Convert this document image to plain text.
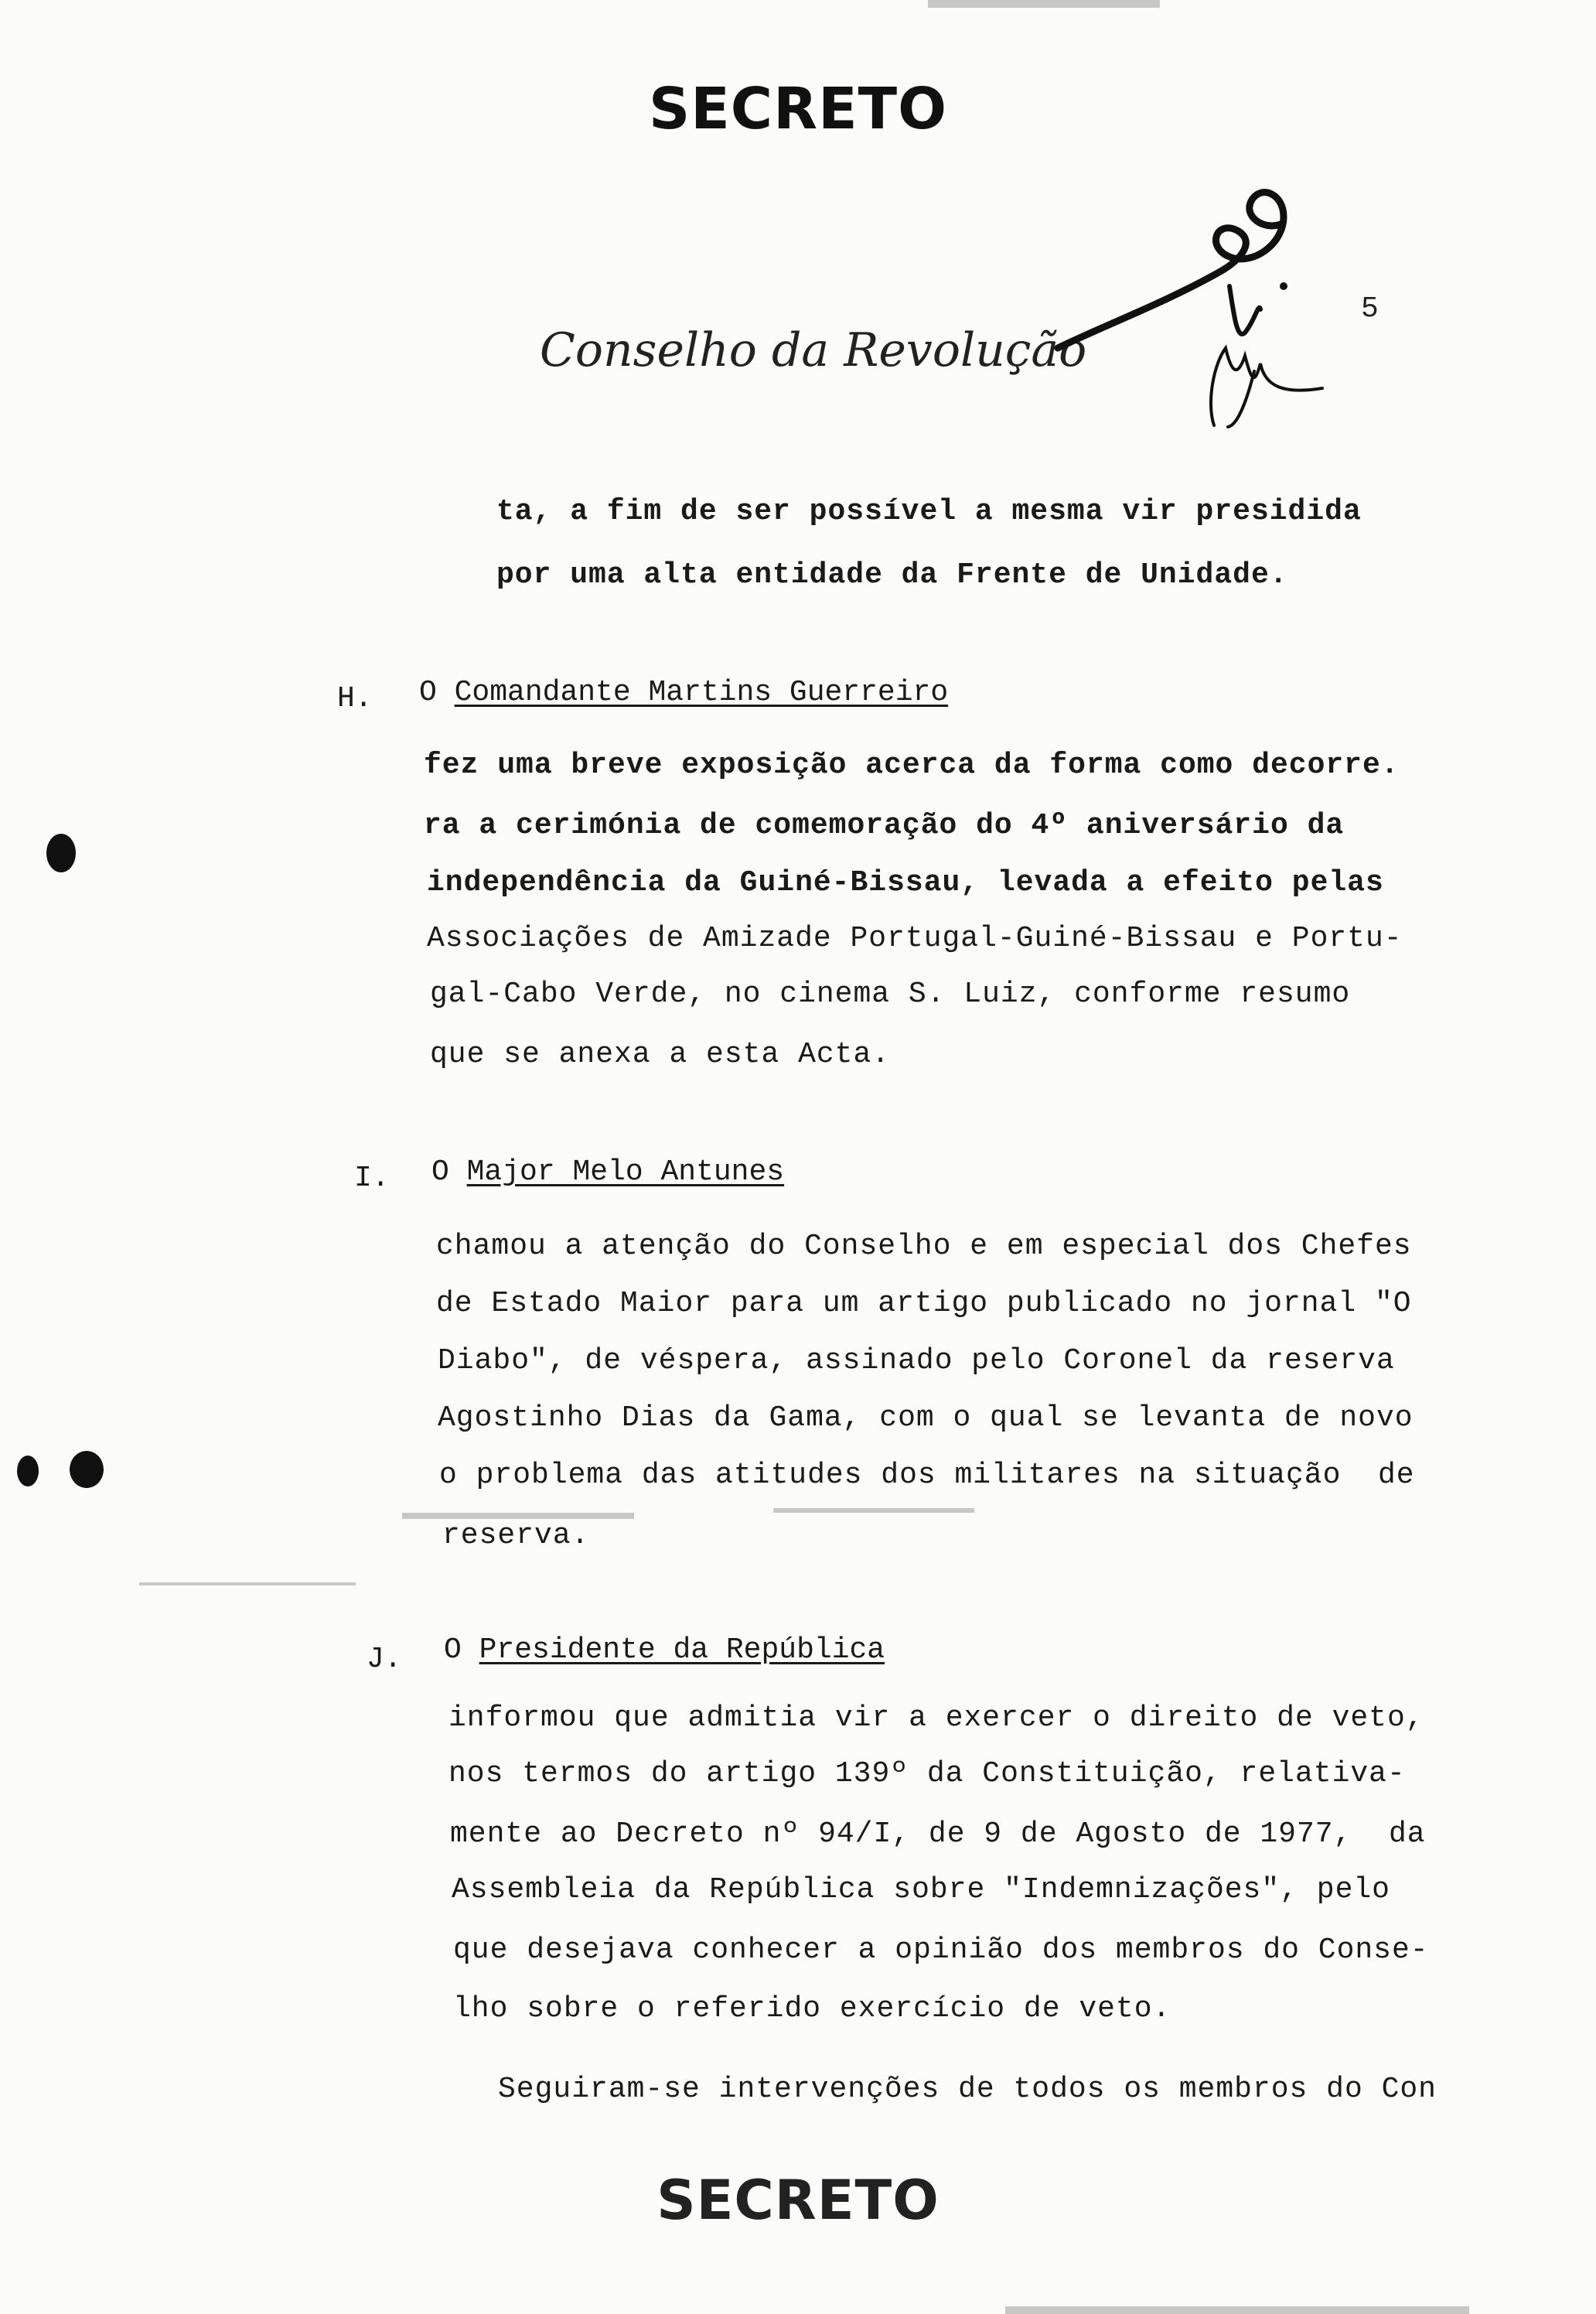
SECRETO
Conselho da Revolução
5
ta, a fim de ser possível a mesma vir presidida
por uma alta entidade da Frente de Unidade.
H. O Comandante Martins Guerreiro
fez uma breve exposição acerca da forma como decorre.
ra a cerimónia de comemoração do 4º aniversário da
independência da Guiné-Bissau, levada a efeito pelas
Associações de Amizade Portugal-Guiné-Bissau e Portu-
gal-Cabo Verde, no cinema S. Luiz, conforme resumo
que se anexa a esta Acta.
I. O Major Melo Antunes
chamou a atenção do Conselho e em especial dos Chefes
de Estado Maior para um artigo publicado no jornal "O
Diabo", de véspera, assinado pelo Coronel da reserva
Agostinho Dias da Gama, com o qual se levanta de novo
o problema das atitudes dos militares na situação  de
reserva.
J. O Presidente da República
informou que admitia vir a exercer o direito de veto,
nos termos do artigo 139º da Constituição, relativa-
mente ao Decreto nº 94/I, de 9 de Agosto de 1977,  da
Assembleia da República sobre "Indemnizações", pelo
que desejava conhecer a opinião dos membros do Conse-
lho sobre o referido exercício de veto.
Seguiram-se intervenções de todos os membros do Con
SECRETO
